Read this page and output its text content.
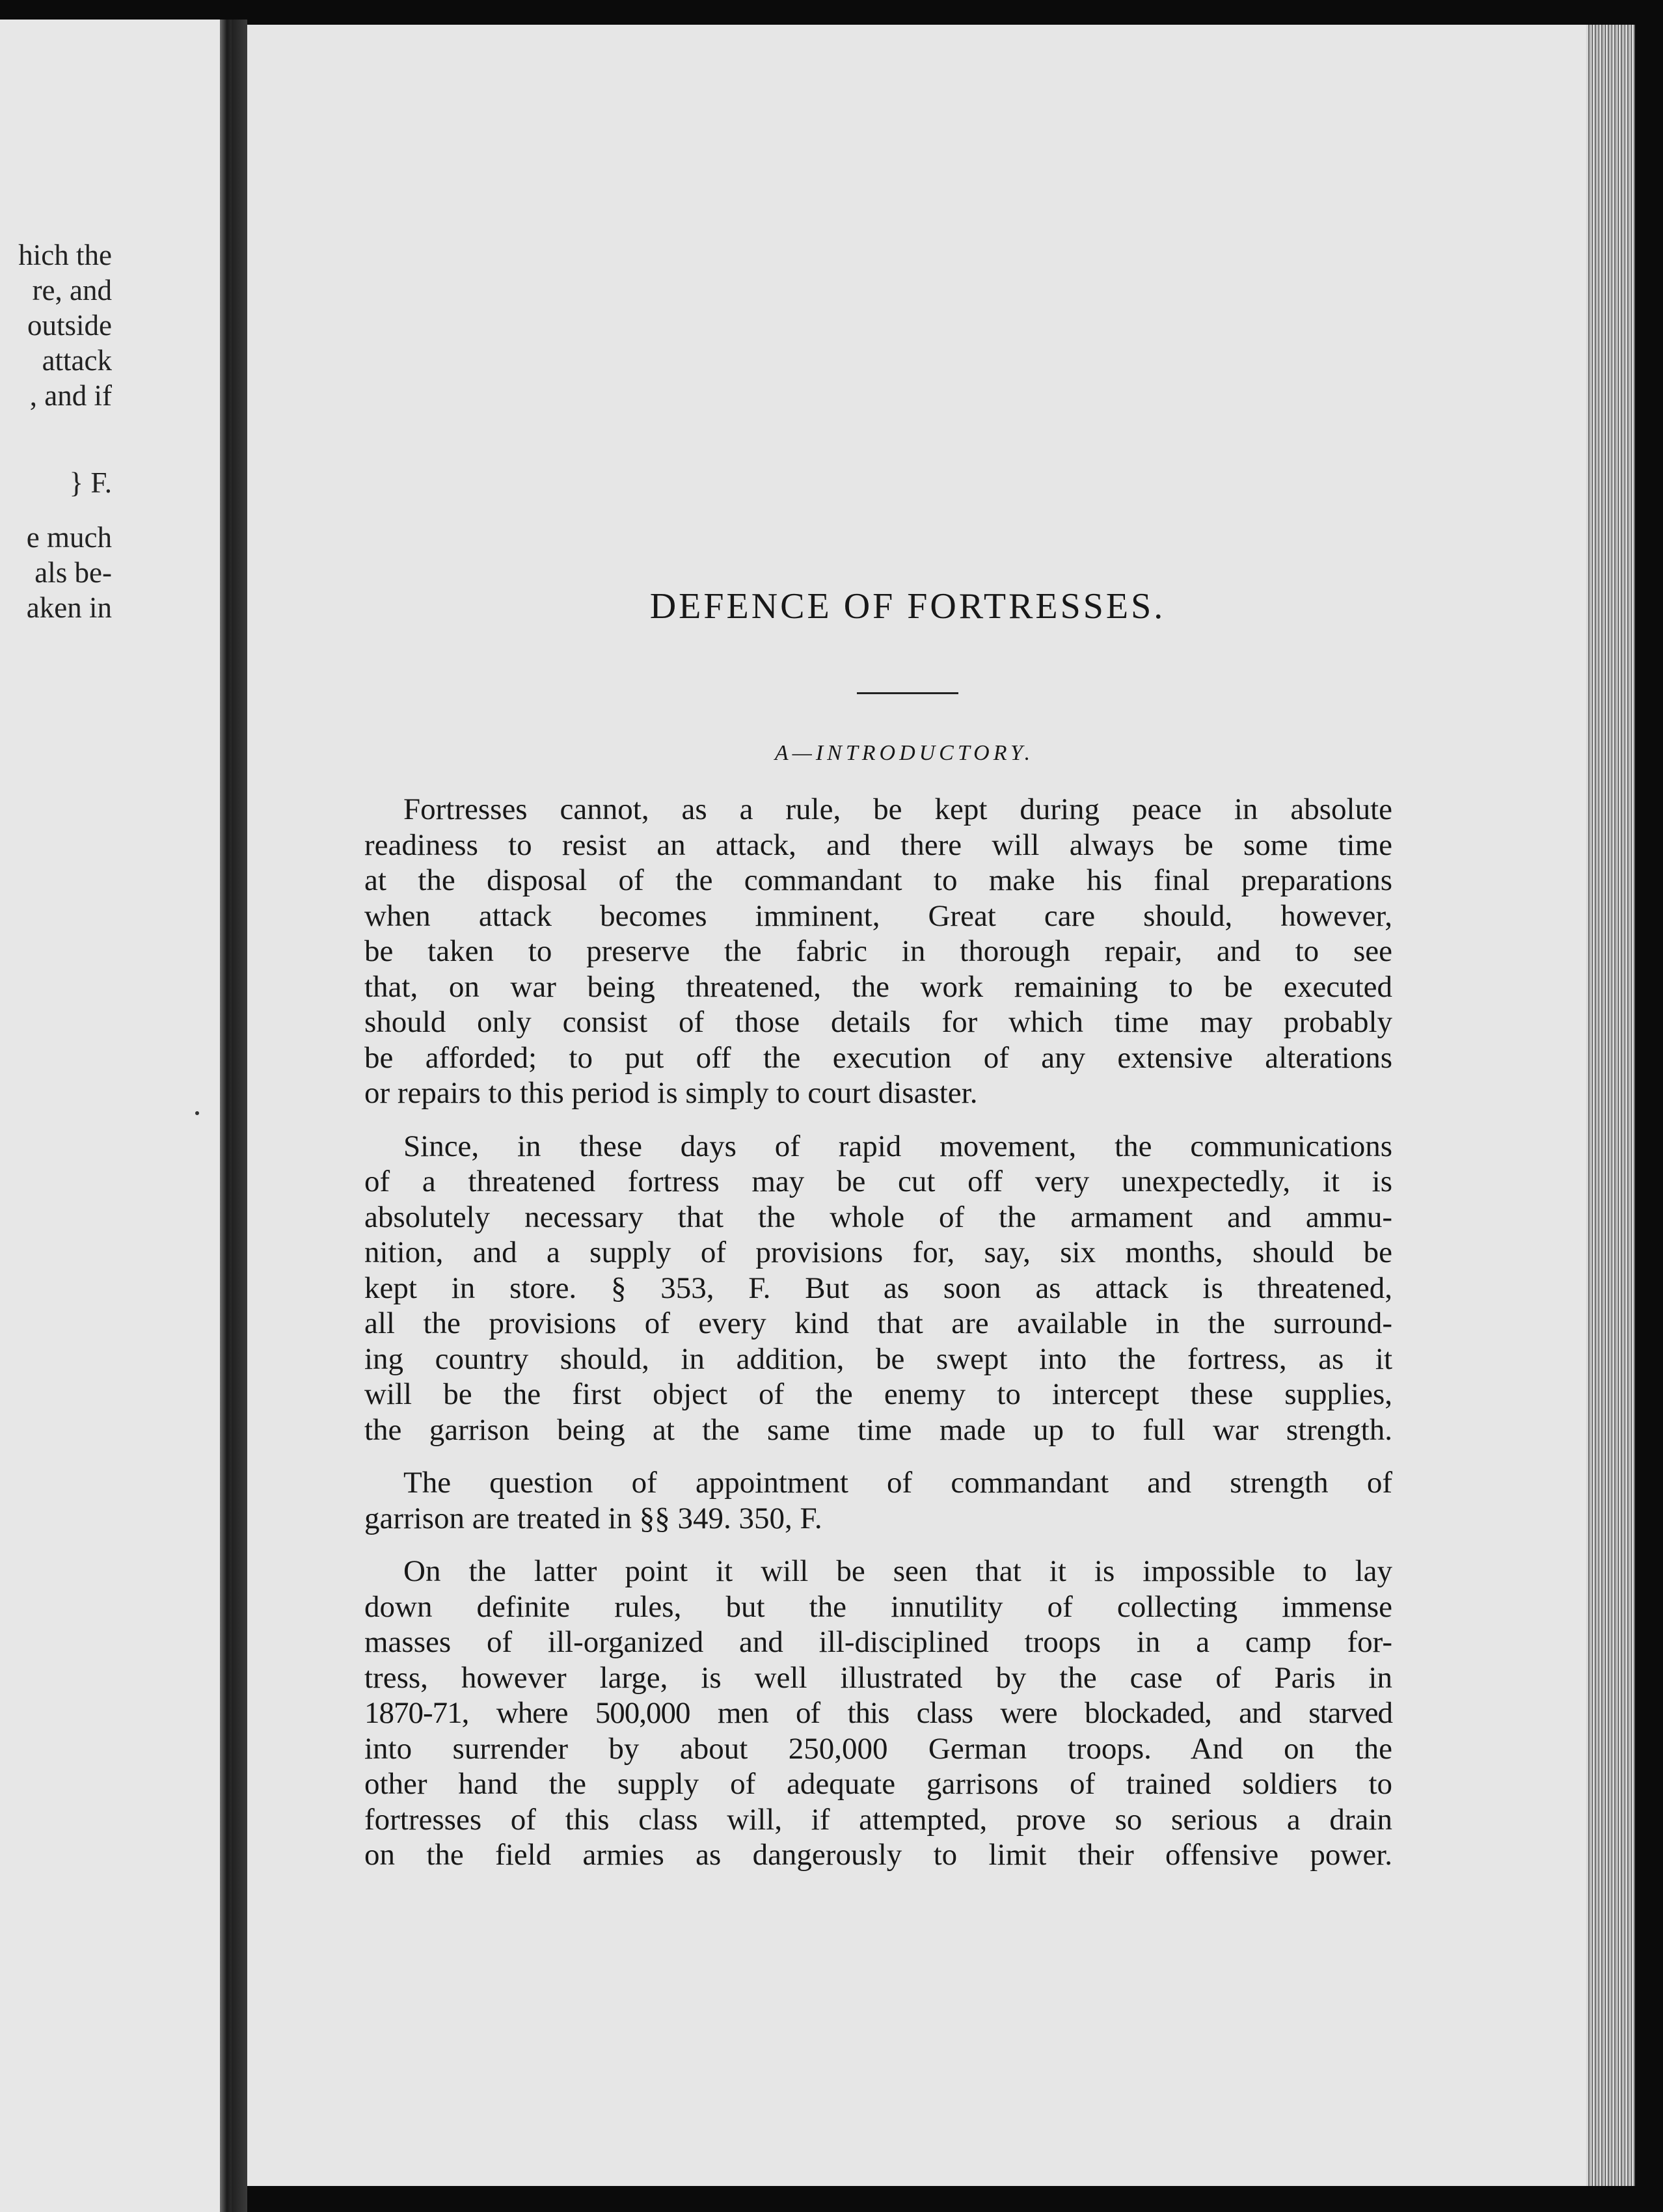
hich the
re, and
outside
attack
, and if
} F.
e much
als be-
aken in	DEFENCE OF FORTRESSES.
A—INTRODUCTORY.

Fortresses cannot, as a rule, be kept during peace in absolute
readiness to resist an attack, and there will always be some time
at the disposal of the commandant to make his final preparations
when attack becomes imminent, Great care should, however,
be taken to preserve the fabric in thorough repair, and to see
that, on war being threatened, the work remaining to be executed
should only consist of those details for which time may probably
be afforded; to put off the execution of any extensive alterations
or repairs to this period is simply to court disaster.

Since, in these days of rapid movement, the communications
of a threatened fortress may be cut off very unexpectedly, it is
absolutely necessary that the whole of the armament and ammu-
nition, and a supply of provisions for, say, six months, should be
kept in store. § 353, F. But as soon as attack is threatened,
all the provisions of every kind that are available in the surround-
ing country should, in addition, be swept into the fortress, as it
will be the first object of the enemy to intercept these supplies,
the garrison being at the same time made up to full war strength.

The question of appointment of commandant and strength of
garrison are treated in §§ 349. 350, F.

On the latter point it will be seen that it is impossible to lay
down definite rules, but the innutility of collecting immense
masses of ill-organized and ill-disciplined troops in a camp for-
tress, however large, is well illustrated by the case of Paris in
1870-71, where 500,000 men of this class were blockaded, and starved
into surrender by about 250,000 German troops. And on the
other hand the supply of adequate garrisons of trained soldiers to
fortresses of this class will, if attempted, prove so serious a drain
on the field armies as dangerously to limit their offensive power.
